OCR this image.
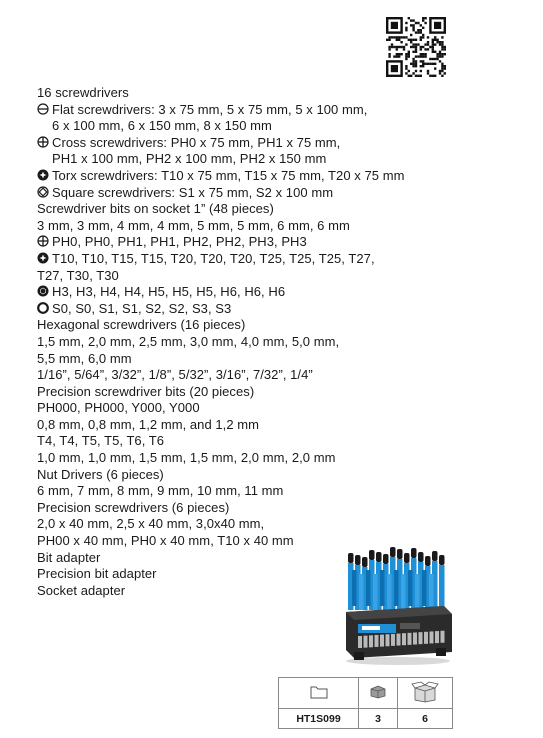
16 screwdrivers
Flat screwdrivers: 3 x 75 mm, 5 x 75 mm, 5 x 100 mm,
6 x 100 mm, 6 x 150 mm, 8 x 150 mm
Cross screwdrivers: PH0 x 75 mm, PH1 x 75 mm,
PH1 x 100 mm, PH2 x 100 mm, PH2 x 150 mm
Torx screwdrivers: T10 x 75 mm, T15 x 75 mm, T20 x 75 mm
Square screwdrivers: S1 x 75 mm, S2 x 100 mm
Screwdriver bits on socket 1” (48 pieces)
3 mm, 3 mm, 4 mm, 4 mm, 5 mm, 5 mm, 6 mm, 6 mm
PH0, PH0, PH1, PH1, PH2, PH2, PH3, PH3
T10, T10, T15, T15, T20, T20, T20, T25, T25, T25, T27,
T27, T30, T30
H3, H3, H4, H4, H5, H5, H5, H6, H6, H6
S0, S0, S1, S1, S2, S2, S3, S3
Hexagonal screwdrivers (16 pieces)
1,5 mm, 2,0 mm, 2,5 mm, 3,0 mm, 4,0 mm, 5,0 mm,
5,5 mm, 6,0 mm
1/16”, 5/64”, 3/32”, 1/8”, 5/32”, 3/16”, 7/32”, 1/4”
Precision screwdriver bits (20 pieces)
PH000, PH000, Y000, Y000
0,8 mm, 0,8 mm, 1,2 mm, and 1,2 mm
T4, T4, T5, T5, T6, T6
1,0 mm, 1,0 mm, 1,5 mm, 1,5 mm, 2,0 mm, 2,0 mm
Nut Drivers (6 pieces)
6 mm, 7 mm, 8 mm, 9 mm, 10 mm, 11 mm
Precision screwdrivers (6 pieces)
2,0 x 40 mm, 2,5 x 40 mm, 3,0x40 mm,
PH00 x 40 mm, PH0 x 40 mm, T10 x 40 mm
Bit adapter
Precision bit adapter
Socket adapter

HT1S099	3	6
